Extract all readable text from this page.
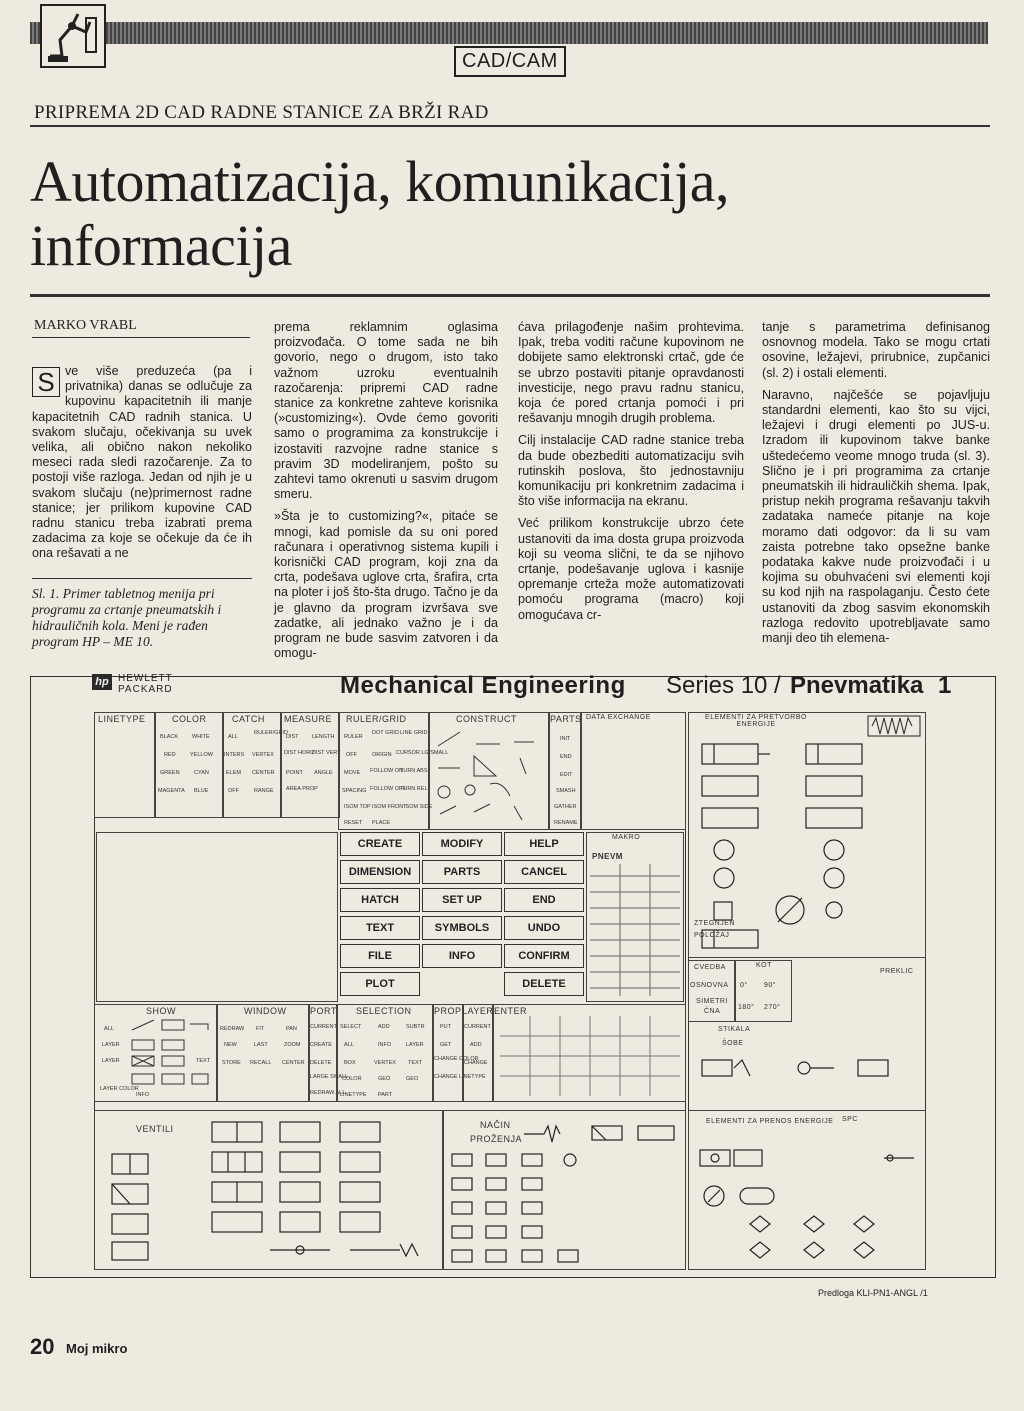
CAD/CAM
PRIPREMA 2D CAD RADNE STANICE ZA BRŽI RAD
Automatizacija, komunikacija,
informacija
MARKO VRABL
S ve više preduzeća (pa i privatnika) danas se odlučuje za kupovinu kapacitetnih ili manje kapacitetnih CAD radnih stanica. U svakom slučaju, očekivanja su uvek velika, ali obično nakon nekoliko meseci rada sledi razočarenje. Za to postoji više razloga. Jedan od njih je u svakom slučaju (ne)primernost radne stanice; jer prilikom kupovine CAD radnu stanicu treba izabrati prema zadacima za koje se očekuje da će ih ona rešavati a ne
Sl. 1. Primer tabletnog menija pri programu za crtanje pneumatskih i hidrauličnih kola. Meni je rađen program HP – ME 10.

prema reklamnim oglasima proizvođača. O tome sada ne bih govorio, nego o drugom, isto tako važnom uzroku eventualnih razočarenja: pripremi CAD radne stanice za konkretne zahteve korisnika (»customizing«). Ovde ćemo govoriti samo o programima za konstrukcije i izostaviti razvojne radne stanice s pravim 3D modeliranjem, pošto su zahtevi tamo okrenuti u sasvim drugom smeru.

»Šta je to customizing?«, pitaće se mnogi, kad pomisle da su oni pored računara i operativnog sistema kupili i korisnički CAD program, koji zna da crta, podešava uglove crta, šrafira, crta na ploter i još što-šta drugo. Tačno je da je glavno da program izvršava sve zadatke, ali jednako važno je i da program ne bude sasvim zatvoren i da omogu-

ćava prilagođenje našim prohtevima. Ipak, treba voditi račune kupovinom ne dobijete samo elektronski crtač, gde će se ubrzo postaviti pitanje opravdanosti investicije, nego pravu radnu stanicu, koja će pored crtanja pomoći i pri rešavanju mnogih drugih problema.

Cilj instalacije CAD radne stanice treba da bude obezbediti automatizaciju svih rutinskih poslova, što jednostavniju komunikaciju pri konkretnim zadacima i što više informacija na ekranu.

Već prilikom konstrukcije ubrzo ćete ustanoviti da ima dosta grupa proizvoda koji su veoma slični, te da se njihovo crtanje, podešavanje uglova i kasnije opremanje crteža može automatizovati pomoću programa (macro) koji omogućava cr-

tanje s parametrima definisanog osnovnog modela. Tako se mogu crtati osovine, ležajevi, prirubnice, zupčanici (sl. 2) i ostali elementi.

Naravno, najčešće se pojavljuju standardni elementi, kao što su vijci, ležajevi i drugi elementi po JUS-u. Izradom ili kupovinom takve banke uštedećemo veome mnogo truda (sl. 3). Slično je i pri programima za crtanje pneumatskih ili hidrauličkih shema. Ipak, pristup nekih programa rešavanju takvih zadataka nameće pitanje na koje moramo dati odgovor: da li su vam zaista potrebne tako opsežne banke podataka kakve nude proizvođači i u kojima su obuhvaćeni svi elementi koji su kod njih na raspolaganju. Često ćete ustanoviti da zbog sasvim ekonomskih razloga redovito upotrebljavate samo manji deo tih elemena-

hp HEWLETT
PACKARD	Mechanical Engineering Series 10 / Pnevmatika 1
LINETYPE	COLOR	CATCH MEASURE RULER/GRID	CONSTRUCT	PARTS DATA EXCHANGE
BLACK	WHITE
RED	YELLOW
GREEN	CYAN
MAGENTA BLUE
ALL
RULER/GRID
INTERS VERTEX
ELEM CENTER
OFF	RANGE
DIST LENGTH
DIST HORIZ
DIST VERT
POINT ANGLE
AREA PROP
RULER
DOT GRID LINE GRID
OFF	ORIGIN CURSOR LG/SMALL
MOVE FOLLOW ON
TURN ABS
SPACING FOLLOW OFF
TURN REL
ISOM TOP ISOM FRONT
ISOM SIDE
RESET PLACE
INIT
END
EDIT
SMASH
GATHER
RENAME
CREATE	MODIFY	HELP
DIMENSION	PARTS	CANCEL
HATCH	SET UP	END
TEXT	SYMBOLS	UNDO
FILE	INFO	CONFIRM
PLOT	DELETE
MAKRO
PNEVM
SHOW
ALL
LAYER
LAYER
LAYER COLOR
TEXT
INFO
WINDOW
REDRAW FIT	PAN
NEW	LAST	ZOOM
STORE RECALL CENTER
PORT
CURRENT
CREATE
DELETE
LARGE SMALL
REDRAW ALL
SELECTION
SELECT	ADD	SUBTR
ALL	INFO	LAYER
BOX	VERTEX TEXT
COLOR	GEO	GEO
LINETYPE PART
PROP
PUT
GET
CHANGE COLOR
CHANGE LINETYPE
LAYER
CURRENT
ADD
CHANGE
ENTER
VENTILI	NAČIN
PROŽENJA
ELEMENTI ZA PRETVORBO ENERGIJE
ZTEGNJEN
POLOŽAJ
CVEDBA
OSNOVNA
SIMETRI
ČNA
KOT
0° 90°
180° 270°
PREKLIC
STIKALA
ŠOBE
ELEMENTI ZA PRENOS ENERGIJE SPC
Predloga KLI-PN1-ANGL /1
20 Moj mikro
